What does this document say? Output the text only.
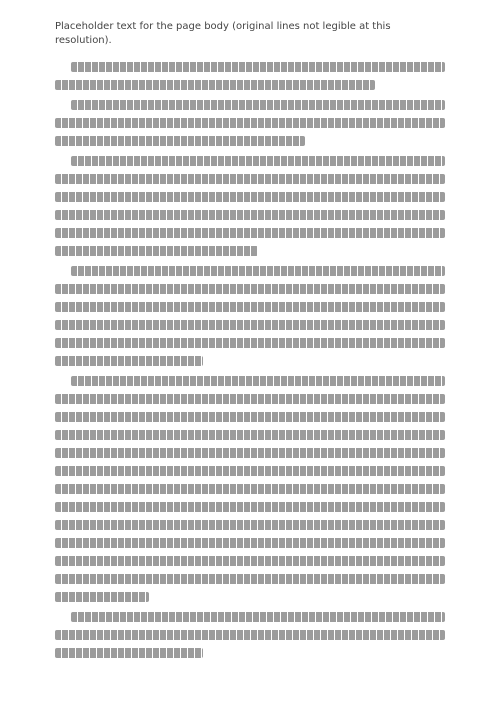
Placeholder text for the page body (original lines not legible at this resolution).
